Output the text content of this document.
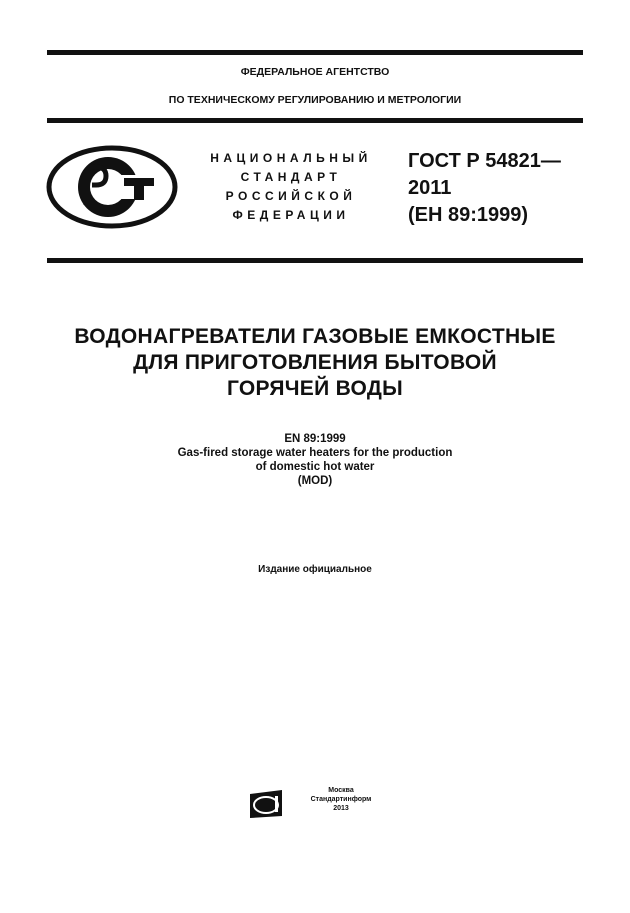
ФЕДЕРАЛЬНОЕ АГЕНТСТВО
ПО ТЕХНИЧЕСКОМУ РЕГУЛИРОВАНИЮ И МЕТРОЛОГИИ
НАЦИОНАЛЬНЫЙ
СТАНДАРТ
РОССИЙСКОЙ
ФЕДЕРАЦИИ
ГОСТ Р 54821—
2011
(ЕН 89:1999)
ВОДОНАГРЕВАТЕЛИ ГАЗОВЫЕ ЕМКОСТНЫЕ
ДЛЯ ПРИГОТОВЛЕНИЯ БЫТОВОЙ
ГОРЯЧЕЙ ВОДЫ
EN 89:1999
Gas-fired storage water heaters for the production
of domestic hot water
(MOD)
Издание официальное
Москва
Стандартинформ
2013
